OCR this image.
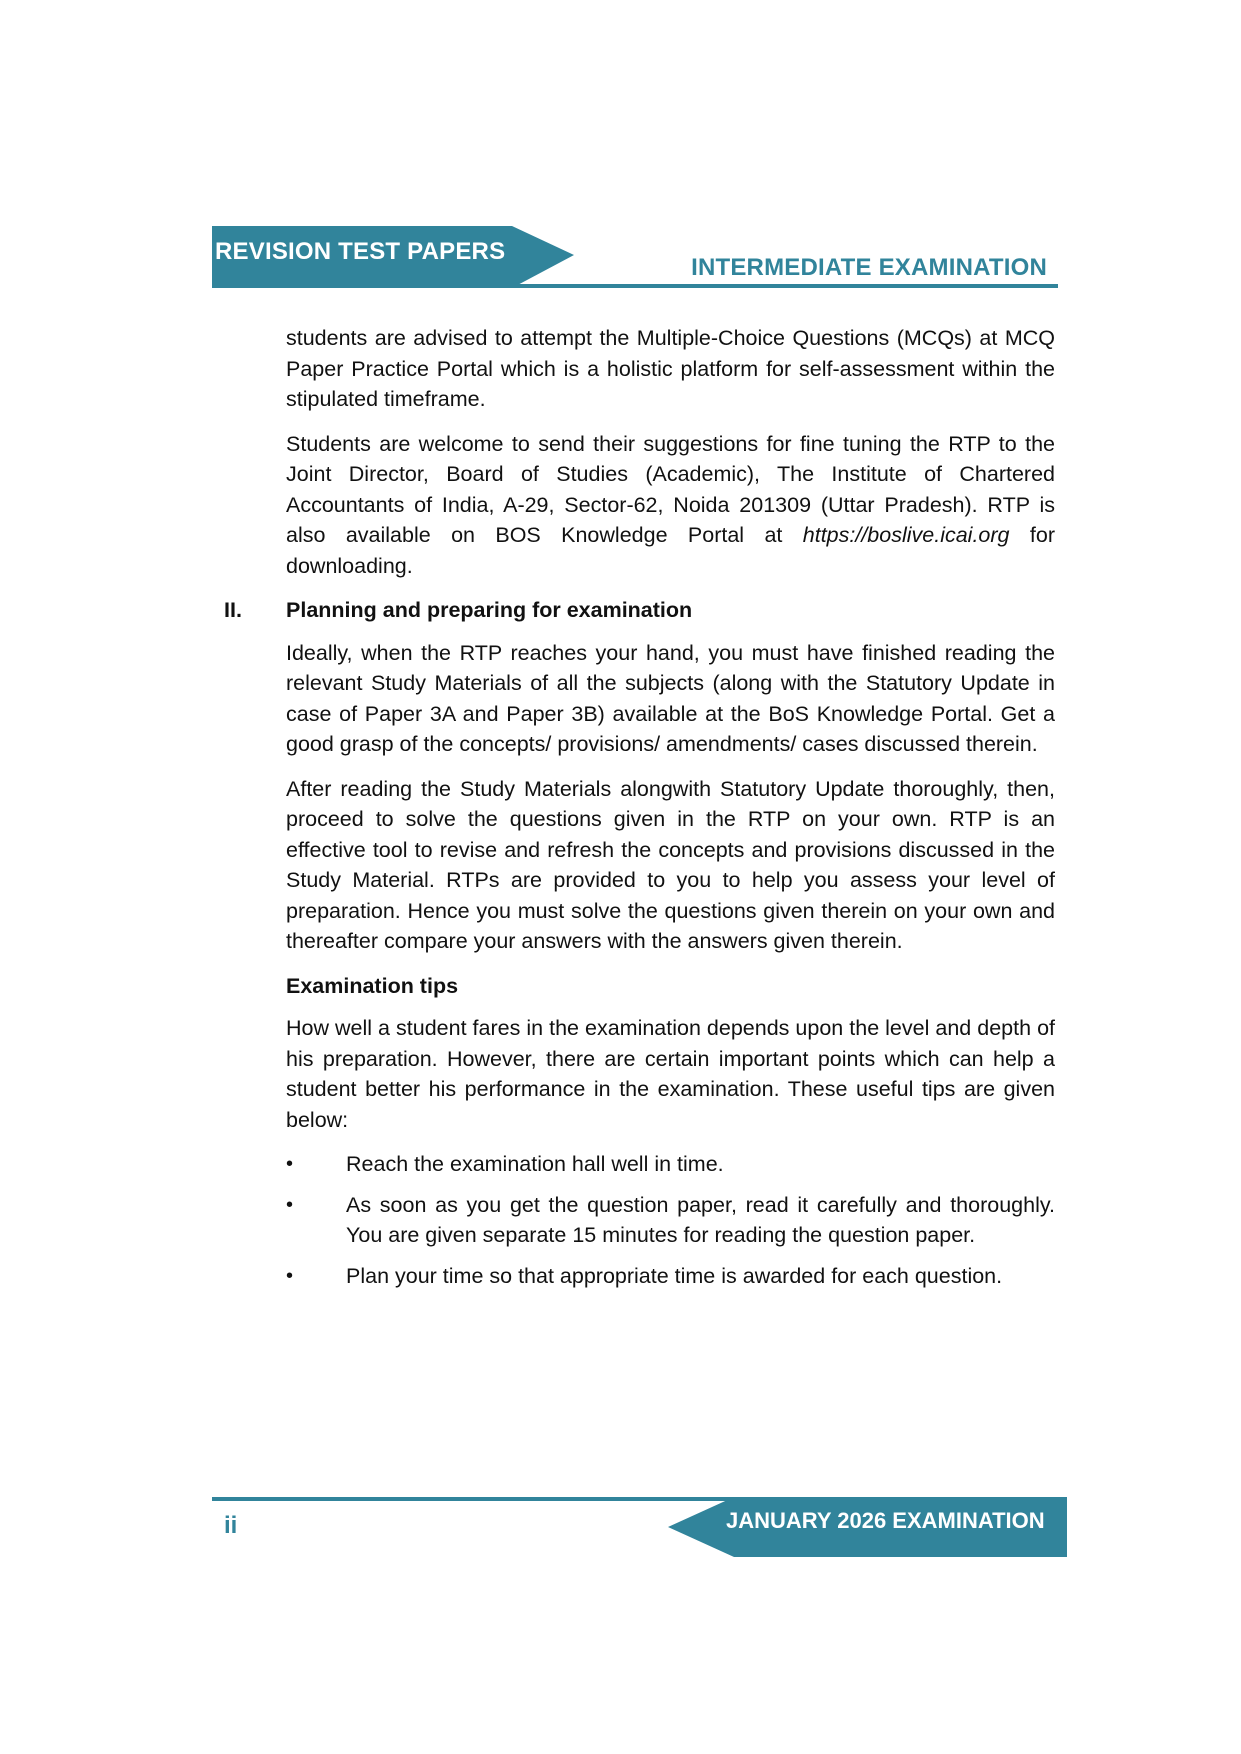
REVISION TEST PAPERS
INTERMEDIATE EXAMINATION

students are advised to attempt the Multiple-Choice Questions (MCQs) at MCQ Paper Practice Portal which is a holistic platform for self-assessment within the stipulated timeframe.

Students are welcome to send their suggestions for fine tuning the RTP to the Joint Director, Board of Studies (Academic), The Institute of Chartered Accountants of India, A-29, Sector-62, Noida 201309 (Uttar Pradesh). RTP is also available on BOS Knowledge Portal at https://boslive.icai.org for downloading.

II. Planning and preparing for examination

Ideally, when the RTP reaches your hand, you must have finished reading the relevant Study Materials of all the subjects (along with the Statutory Update in case of Paper 3A and Paper 3B) available at the BoS Knowledge Portal. Get a good grasp of the concepts/ provisions/ amendments/ cases discussed therein.

After reading the Study Materials alongwith Statutory Update thoroughly, then, proceed to solve the questions given in the RTP on your own. RTP is an effective tool to revise and refresh the concepts and provisions discussed in the Study Material. RTPs are provided to you to help you assess your level of preparation. Hence you must solve the questions given therein on your own and thereafter compare your answers with the answers given therein.

Examination tips

How well a student fares in the examination depends upon the level and depth of his preparation. However, there are certain important points which can help a student better his performance in the examination. These useful tips are given below:

• Reach the examination hall well in time.
• As soon as you get the question paper, read it carefully and thoroughly. You are given separate 15 minutes for reading the question paper.
• Plan your time so that appropriate time is awarded for each question.
JANUARY 2026 EXAMINATION
ii
